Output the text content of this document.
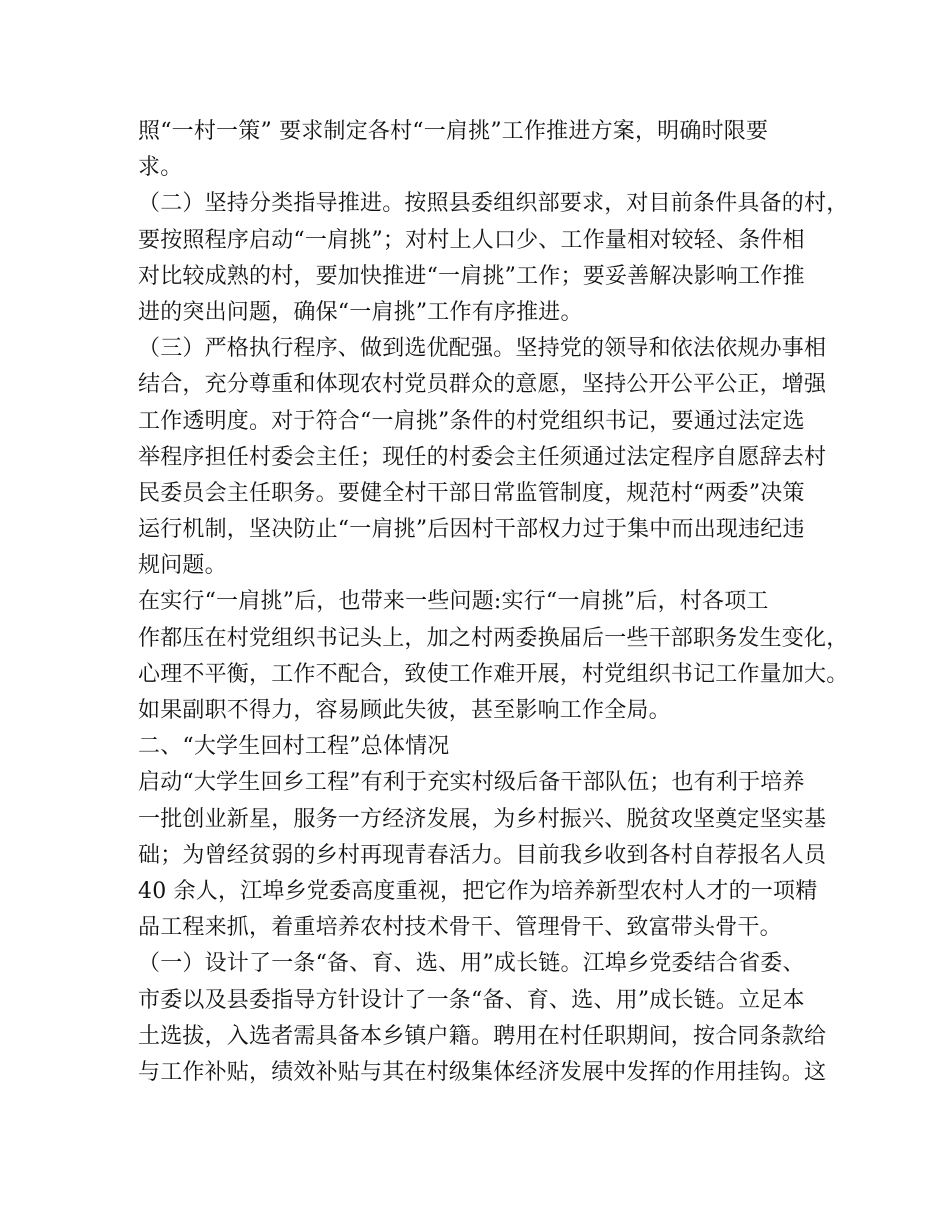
照“一村一策” 要求制定各村“一肩挑”工作推进方案，明确时限要
求。
（二）坚持分类指导推进。按照县委组织部要求，对目前条件具备的村，
要按照程序启动“一肩挑”；对村上人口少、工作量相对较轻、条件相
对比较成熟的村，要加快推进“一肩挑”工作；要妥善解决影响工作推
进的突出问题，确保“一肩挑”工作有序推进。
（三）严格执行程序、做到选优配强。坚持党的领导和依法依规办事相
结合，充分尊重和体现农村党员群众的意愿，坚持公开公平公正，增强
工作透明度。对于符合“一肩挑”条件的村党组织书记，要通过法定选
举程序担任村委会主任；现任的村委会主任须通过法定程序自愿辞去村
民委员会主任职务。要健全村干部日常监管制度，规范村“两委”决策
运行机制，坚决防止“一肩挑”后因村干部权力过于集中而出现违纪违
规问题。
在实行“一肩挑”后，也带来一些问题:实行“一肩挑”后，村各项工
作都压在村党组织书记头上，加之村两委换届后一些干部职务发生变化，
心理不平衡，工作不配合，致使工作难开展，村党组织书记工作量加大。
如果副职不得力，容易顾此失彼，甚至影响工作全局。
二、“大学生回村工程”总体情况
启动“大学生回乡工程”有利于充实村级后备干部队伍；也有利于培养
一批创业新星，服务一方经济发展，为乡村振兴、脱贫攻坚奠定坚实基
础；为曾经贫弱的乡村再现青春活力。目前我乡收到各村自荐报名人员
40 余人，江埠乡党委高度重视，把它作为培养新型农村人才的一项精
品工程来抓，着重培养农村技术骨干、管理骨干、致富带头骨干。
（一）设计了一条“备、育、选、用”成长链。江埠乡党委结合省委、
市委以及县委指导方针设计了一条“备、育、选、用”成长链。立足本
土选拔，入选者需具备本乡镇户籍。聘用在村任职期间，按合同条款给
与工作补贴，绩效补贴与其在村级集体经济发展中发挥的作用挂钩。这
